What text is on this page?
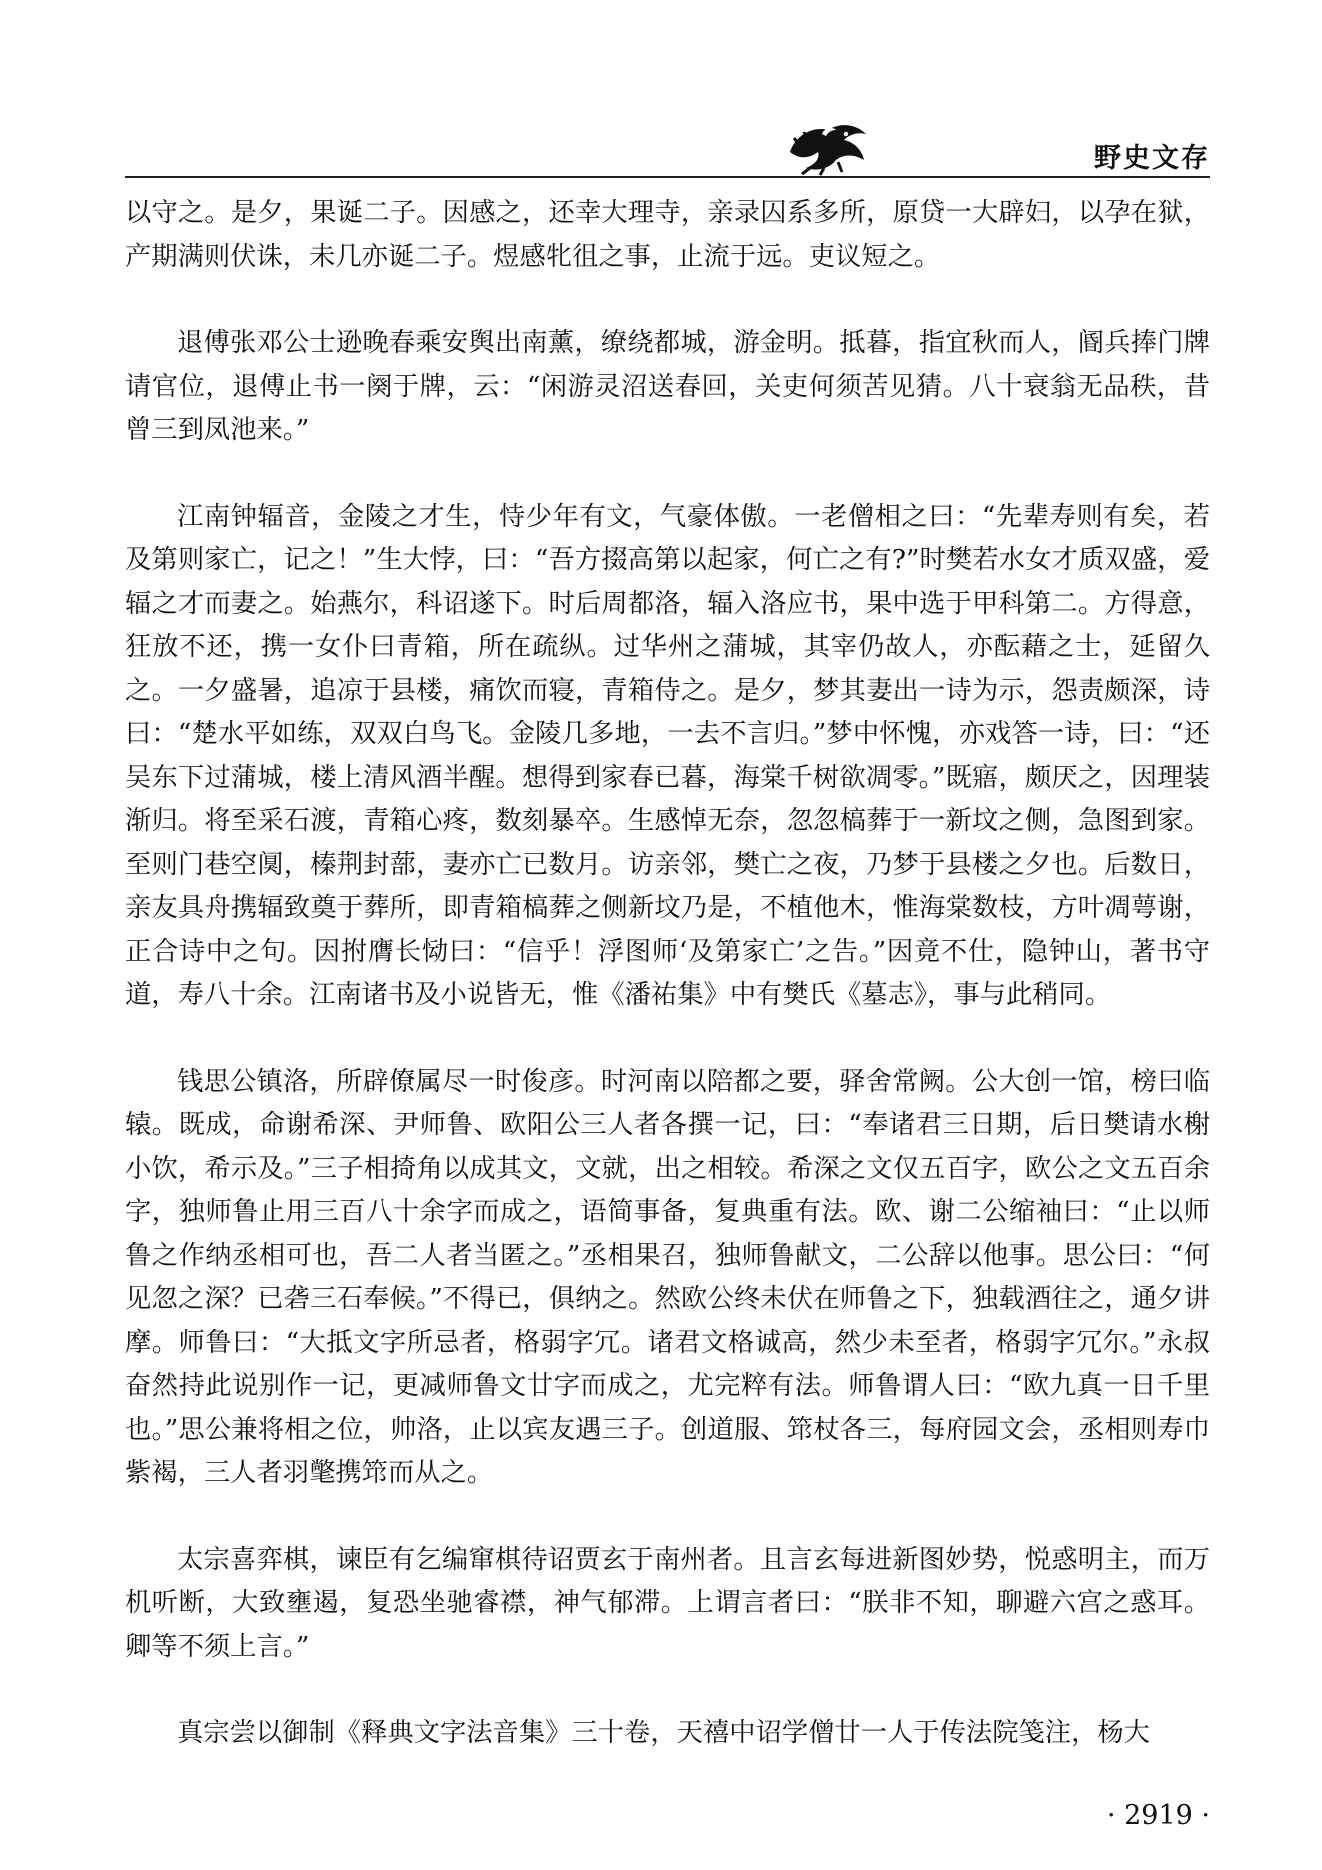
野史文存

以守之。是夕，果诞二子。因感之，还幸大理寺，亲录囚系多所，原贷一大辟妇，以孕在狱，产期满则伏诛，未几亦诞二子。煜感牝徂之事，止流于远。吏议短之。

退傅张邓公士逊晚春乘安舆出南薰，缭绕都城，游金明。抵暮，指宜秋而人，阍兵捧门牌请官位，退傅止书一阕于牌，云：“闲游灵沼送春回，关吏何须苦见猜。八十衰翁无品秩，昔曾三到凤池来。”

江南钟辐音，金陵之才生，恃少年有文，气豪体傲。一老僧相之曰：“先辈寿则有矣，若及第则家亡，记之！”生大悖，曰：“吾方掇高第以起家，何亡之有?”时樊若水女才质双盛，爱辐之才而妻之。始燕尔，科诏遂下。时后周都洛，辐入洛应书，果中选于甲科第二。方得意，狂放不还，携一女仆曰青箱，所在疏纵。过华州之蒲城，其宰仍故人，亦酝藉之士，延留久之。一夕盛暑，追凉于县楼，痛饮而寝，青箱侍之。是夕，梦其妻出一诗为示，怨责颇深，诗曰：“楚水平如练，双双白鸟飞。金陵几多地，一去不言归。”梦中怀愧，亦戏答一诗，曰：“还吴东下过蒲城，楼上清风酒半醒。想得到家春已暮，海棠千树欲凋零。”既寤，颇厌之，因理装渐归。将至采石渡，青箱心疼，数刻暴卒。生感悼无奈，忽忽槁葬于一新坟之侧，急图到家。至则门巷空阒，榛荆封蔀，妻亦亡已数月。访亲邻，樊亡之夜，乃梦于县楼之夕也。后数日，亲友具舟携辐致奠于葬所，即青箱槁葬之侧新坟乃是，不植他木，惟海棠数枝，方叶凋萼谢，正合诗中之句。因拊膺长恸曰：“信乎！浮图师‘及第家亡’之告。”因竟不仕，隐钟山，著书守道，寿八十余。江南诸书及小说皆无，惟《潘祐集》中有樊氏《墓志》，事与此稍同。

钱思公镇洛，所辟僚属尽一时俊彦。时河南以陪都之要，驿舍常阙。公大创一馆，榜曰临辕。既成，命谢希深、尹师鲁、欧阳公三人者各撰一记，曰：“奉诸君三日期，后日樊请水榭小饮，希示及。”三子相掎角以成其文，文就，出之相较。希深之文仅五百字，欧公之文五百余字，独师鲁止用三百八十余字而成之，语简事备，复典重有法。欧、谢二公缩袖曰：“止以师鲁之作纳丞相可也，吾二人者当匿之。”丞相果召，独师鲁献文，二公辞以他事。思公曰：“何见忽之深？已砻三石奉候。”不得已，俱纳之。然欧公终未伏在师鲁之下，独载酒往之，通夕讲摩。师鲁曰：“大抵文字所忌者，格弱字冗。诸君文格诚高，然少未至者，格弱字冗尔。”永叔奋然持此说别作一记，更减师鲁文廿字而成之，尤完粹有法。师鲁谓人曰：“欧九真一日千里也。”思公兼将相之位，帅洛，止以宾友遇三子。创道服、筇杖各三，每府园文会，丞相则寿巾紫褐，三人者羽氅携筇而从之。

太宗喜弈棋，谏臣有乞编窜棋待诏贾玄于南州者。且言玄每进新图妙势，悦惑明主，而万机听断，大致壅遏，复恐坐驰睿襟，神气郁滞。上谓言者曰：“朕非不知，聊避六宫之惑耳。卿等不须上言。”

真宗尝以御制《释典文字法音集》三十卷，天禧中诏学僧廿一人于传法院笺注，杨大

· 2919 ·
